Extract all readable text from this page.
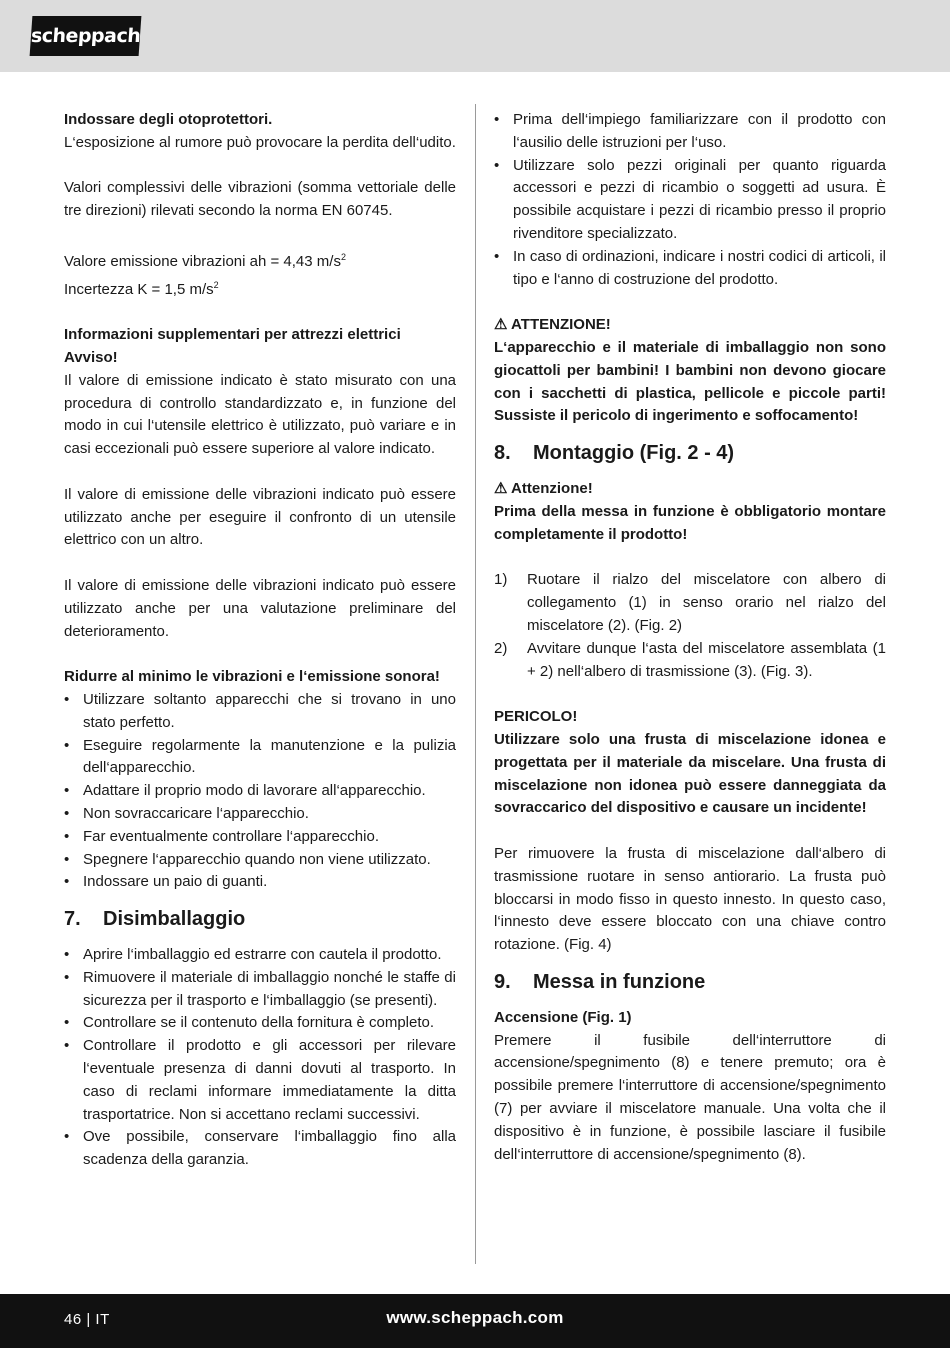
scheppach

Indossare degli otoprotettori.

L‘esposizione al rumore può provocare la perdita dell‘udito.

Valori complessivi delle vibrazioni (somma vettoriale delle tre direzioni) rilevati secondo la norma EN 60745.

Valore emissione vibrazioni ah = 4,43 $m/s^2$

Incertezza K = 1,5 $m/s^2$

Informazioni supplementari per attrezzi elettrici

Avviso!

Il valore di emissione indicato è stato misurato con una procedura di controllo standardizzato e, in funzione del modo in cui l‘utensile elettrico è utilizzato, può variare e in casi eccezionali può essere superiore al valore indicato.

Il valore di emissione delle vibrazioni indicato può essere utilizzato anche per eseguire il confronto di un utensile elettrico con un altro.

Il valore di emissione delle vibrazioni indicato può essere utilizzato anche per una valutazione preliminare del deterioramento.

Ridurre al minimo le vibrazioni e l‘emissione sonora!

• Utilizzare soltanto apparecchi che si trovano in uno stato perfetto.
• Eseguire regolarmente la manutenzione e la pulizia dell‘apparecchio.
• Adattare il proprio modo di lavorare all‘apparecchio.
• Non sovraccaricare l‘apparecchio.
• Far eventualmente controllare l‘apparecchio.
• Spegnere l‘apparecchio quando non viene utilizzato.
• Indossare un paio di guanti.
7.	Disimballaggio
• Aprire l‘imballaggio ed estrarre con cautela il prodotto.
• Rimuovere il materiale di imballaggio nonché le staffe di sicurezza per il trasporto e l‘imballaggio (se presenti).
• Controllare se il contenuto della fornitura è completo.
• Controllare il prodotto e gli accessori per rilevare l‘eventuale presenza di danni dovuti al trasporto. In caso di reclami informare immediatamente la ditta trasportatrice. Non si accettano reclami successivi.
• Ove possibile, conservare l‘imballaggio fino alla scadenza della garanzia.
• Prima dell‘impiego familiarizzare con il prodotto con l‘ausilio delle istruzioni per l‘uso.
• Utilizzare solo pezzi originali per quanto riguarda accessori e pezzi di ricambio o soggetti ad usura. È possibile acquistare i pezzi di ricambio presso il proprio rivenditore specializzato.
• In caso di ordinazioni, indicare i nostri codici di articoli, il tipo e l‘anno di costruzione del prodotto.

⚠ ATTENZIONE!

L‘apparecchio e il materiale di imballaggio non sono giocattoli per bambini! I bambini non devono giocare con i sacchetti di plastica, pellicole e piccole parti! Sussiste il pericolo di ingerimento e soffocamento!

8.	Montaggio (Fig. 2 - 4)

⚠ Attenzione!

Prima della messa in funzione è obbligatorio montare completamente il prodotto!

1) Ruotare il rialzo del miscelatore con albero di collegamento (1) in senso orario nel rialzo del miscelatore (2). (Fig. 2)
2) Avvitare dunque l‘asta del miscelatore assemblata (1 + 2) nell‘albero di trasmissione (3). (Fig. 3).

PERICOLO!

Utilizzare solo una frusta di miscelazione idonea e progettata per il materiale da miscelare. Una frusta di miscelazione non idonea può essere danneggiata da sovraccarico del dispositivo e causare un incidente!

Per rimuovere la frusta di miscelazione dall‘albero di trasmissione ruotare in senso antiorario. La frusta può bloccarsi in modo fisso in questo innesto. In questo caso, l‘innesto deve essere bloccato con una chiave contro rotazione. (Fig. 4)

9.	Messa in funzione

Accensione (Fig. 1)

Premere il fusibile dell‘interruttore di accensione/spegnimento (8) e tenere premuto; ora è possibile premere l‘interruttore di accensione/spegnimento (7) per avviare il miscelatore manuale. Una volta che il dispositivo è in funzione, è possibile lasciare il fusibile dell‘interruttore di accensione/spegnimento (8).

46 | IT	www.scheppach.com
